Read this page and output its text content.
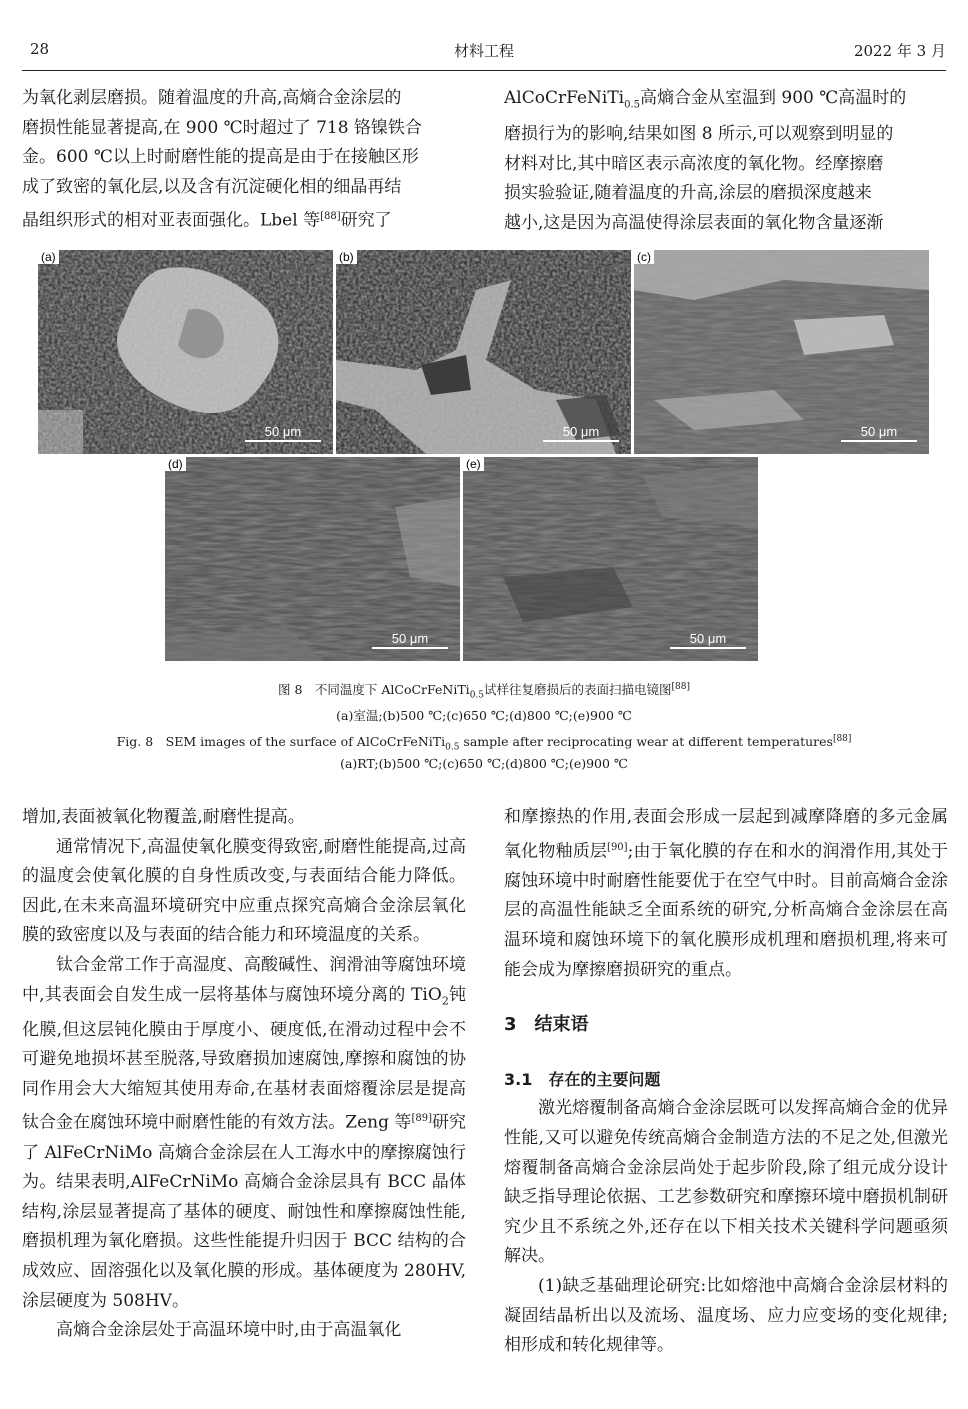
28	材料工程	2022 年 3 月

为氧化剥层磨损。随着温度的升高,高熵合金涂层的

磨损性能显著提高,在 900 ℃时超过了 718 铬镍铁合

金。600 ℃以上时耐磨性能的提高是由于在接触区形

成了致密的氧化层,以及含有沉淀硬化相的细晶再结

晶组织形式的相对亚表面强化。Lbel 等[88]研究了

AlCoCrFeNiTi$_{0.5}$高熵合金从室温到 900 ℃高温时的

磨损行为的影响,结果如图 8 所示,可以观察到明显的

材料对比,其中暗区表示高浓度的氧化物。经摩擦磨

损实验验证,随着温度的升高,涂层的磨损深度越来

越小,这是因为高温使得涂层表面的氧化物含量逐渐

(a)
50 μm
(b)
50 μm
(c)
50 μm
(d)
50 μm
(e)
50 μm
图 8　不同温度下 AlCoCrFeNiTi$_{0.5}$试样往复磨损后的表面扫描电镜图[88]
(a)室温;(b)500 ℃;(c)650 ℃;(d)800 ℃;(e)900 ℃
Fig. 8　SEM images of the surface of AlCoCrFeNiTi$_{0.5}$ sample after reciprocating wear at different temperatures[88]
(a)RT;(b)500 ℃;(c)650 ℃;(d)800 ℃;(e)900 ℃

增加,表面被氧化物覆盖,耐磨性提高。

通常情况下,高温使氧化膜变得致密,耐磨性能提高,过高的温度会使氧化膜的自身性质改变,与表面结合能力降低。因此,在未来高温环境研究中应重点探究高熵合金涂层氧化膜的致密度以及与表面的结合能力和环境温度的关系。

钛合金常工作于高湿度、高酸碱性、润滑油等腐蚀环境中,其表面会自发生成一层将基体与腐蚀环境分离的 TiO$_2$钝化膜,但这层钝化膜由于厚度小、硬度低,在滑动过程中会不可避免地损坏甚至脱落,导致磨损加速腐蚀,摩擦和腐蚀的协同作用会大大缩短其使用寿命,在基材表面熔覆涂层是提高钛合金在腐蚀环境中耐磨性能的有效方法。Zeng 等[89]研究了 AlFeCrNiMo 高熵合金涂层在人工海水中的摩擦腐蚀行为。结果表明,AlFeCrNiMo 高熵合金涂层具有 BCC 晶体结构,涂层显著提高了基体的硬度、耐蚀性和摩擦腐蚀性能,磨损机理为氧化磨损。这些性能提升归因于 BCC 结构的合成效应、固溶强化以及氧化膜的形成。基体硬度为 280HV,涂层硬度为 508HV。

高熵合金涂层处于高温环境中时,由于高温氧化

和摩擦热的作用,表面会形成一层起到减摩降磨的多元金属氧化物釉质层[90];由于氧化膜的存在和水的润滑作用,其处于腐蚀环境中时耐磨性能要优于在空气中时。目前高熵合金涂层的高温性能缺乏全面系统的研究,分析高熵合金涂层在高温环境和腐蚀环境下的氧化膜形成机理和磨损机理,将来可能会成为摩擦磨损研究的重点。

3　结束语

3.1　存在的主要问题

激光熔覆制备高熵合金涂层既可以发挥高熵合金的优异性能,又可以避免传统高熵合金制造方法的不足之处,但激光熔覆制备高熵合金涂层尚处于起步阶段,除了组元成分设计缺乏指导理论依据、工艺参数研究和摩擦环境中磨损机制研究少且不系统之外,还存在以下相关技术关键科学问题亟须解决。

(1)缺乏基础理论研究:比如熔池中高熵合金涂层材料的凝固结晶析出以及流场、温度场、应力应变场的变化规律;相形成和转化规律等。
